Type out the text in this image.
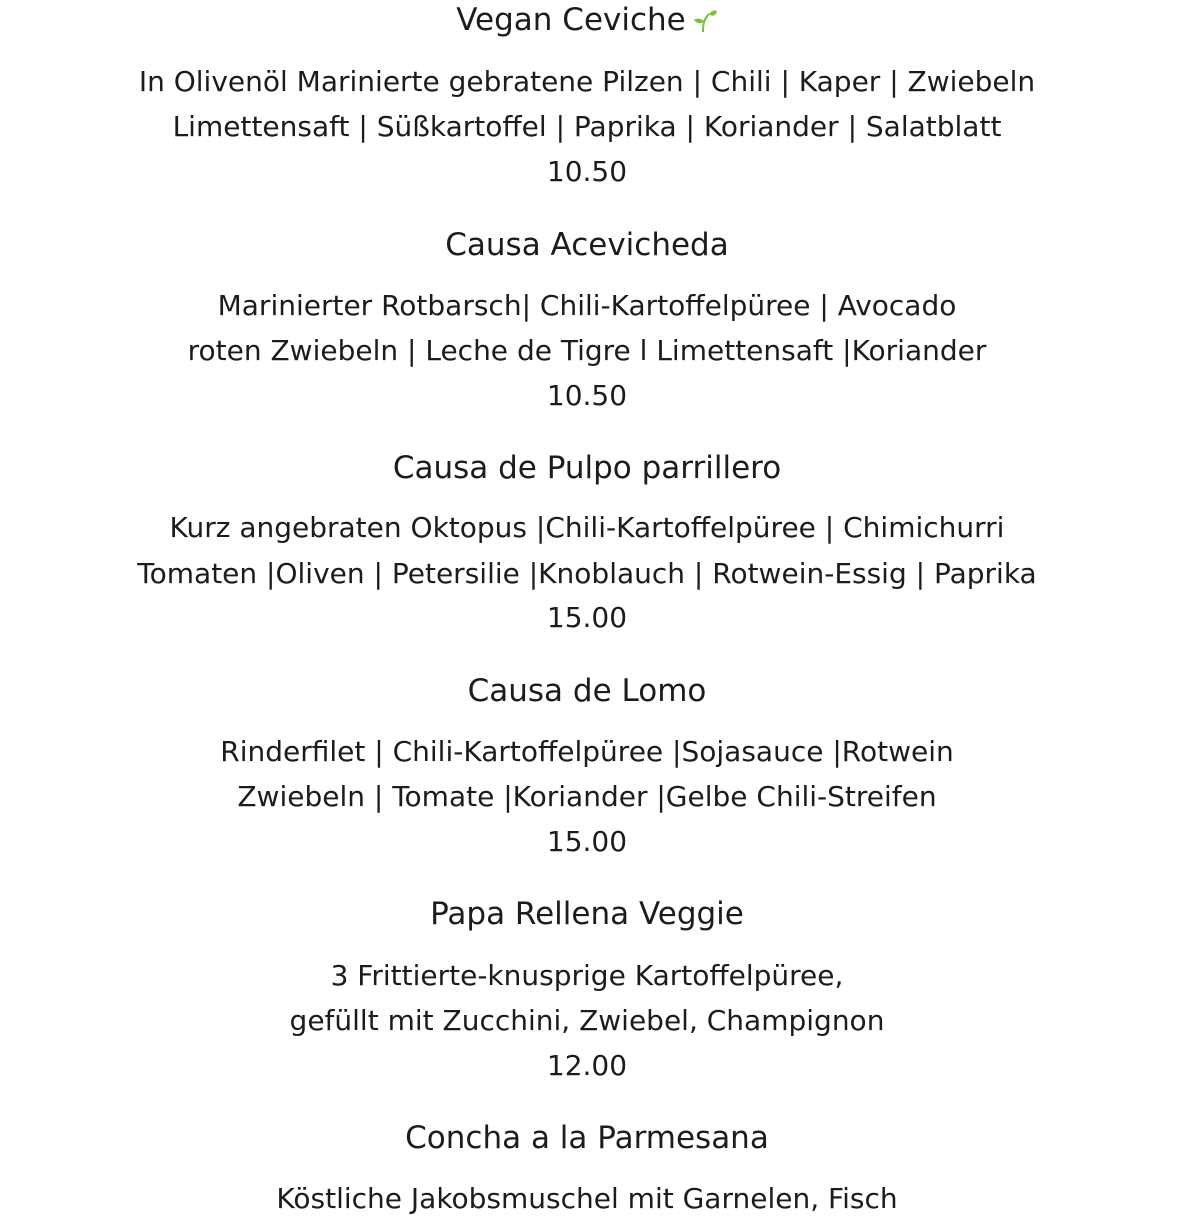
Vegan Ceviche

In Olivenöl Marinierte gebratene Pilzen | Chili | Kaper | Zwiebeln

Limettensaft | Süßkartoffel | Paprika | Koriander | Salatblatt

10.50

Causa Acevicheda

Marinierter Rotbarsch| Chili-Kartoffelpüree | Avocado

roten Zwiebeln | Leche de Tigre l Limettensaft |Koriander

10.50

Causa de Pulpo parrillero

Kurz angebraten Oktopus |Chili-Kartoffelpüree | Chimichurri

Tomaten |Oliven | Petersilie |Knoblauch | Rotwein-Essig | Paprika

15.00

Causa de Lomo

Rinderfilet | Chili-Kartoffelpüree |Sojasauce |Rotwein

Zwiebeln | Tomate |Koriander |Gelbe Chili-Streifen

15.00

Papa Rellena Veggie

3 Frittierte-knusprige Kartoffelpüree,

gefüllt mit Zucchini, Zwiebel, Champignon

12.00

Concha a la Parmesana

Köstliche Jakobsmuschel mit Garnelen, Fisch
